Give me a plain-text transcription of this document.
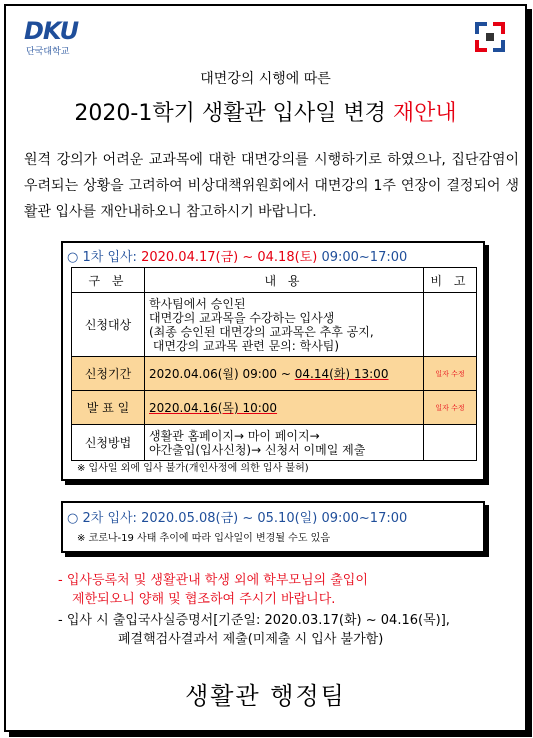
DKU
단국대학교
대면강의 시행에 따른
2020-1학기 생활관 입사일 변경 재안내
원격 강의가 어려운 교과목에 대한 대면강의를 시행하기로 하였으나, 집단감염이 우려되는 상황을 고려하여 비상대책위원회에서 대면강의 1주 연장이 결정되어 생활관 입사를 재안내하오니 참고하시기 바랍니다.
○ 1차 입사: 2020.04.17(금) ~ 04.18(토) 09:00~17:00
구 분	내 용	비 고
신청대상	학사팀에서 승인된
대면강의 교과목을 수강하는 입사생
(최종 승인된 대면강의 교과목은 추후 공지,
대면강의 교과목 관련 문의: 학사팀)	

신청기간	2020.04.06(월) 09:00 ~ 04.14(화) 13:00	일자 수정
발 표 일	2020.04.16(목) 10:00	일자 수정
신청방법	생활관 홈페이지→ 마이 페이지→
야간출입(입사신청)→ 신청서 이메일 제출	

※ 입사일 외에 입사 불가(개인사정에 의한 입사 불허)
○ 2차 입사: 2020.05.08(금) ~ 05.10(일) 09:00~17:00
※ 코로나-19 사태 추이에 따라 입사일이 변경될 수도 있음
- 입사등록처 및 생활관내 학생 외에 학부모님의 출입이
제한되오니 양해 및 협조하여 주시기 바랍니다.
- 입사 시 출입국사실증명서[기준일: 2020.03.17(화) ~ 04.16(목)],
폐결핵검사결과서 제출(미제출 시 입사 불가함)
생활관 행정팀
